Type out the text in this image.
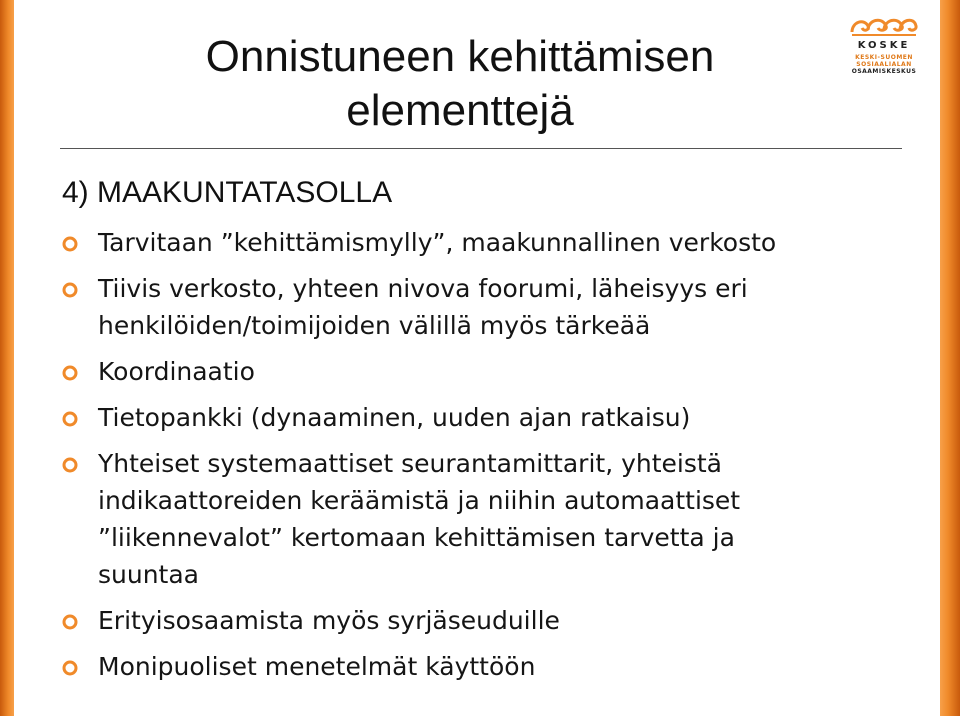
KOSKE
KESKI-SUOMEN
SOSIAALIALAN
OSAAMISKESKUS
Onnistuneen kehittämisen
elementtejä
4) MAAKUNTATASOLLA
Tarvitaan ”kehittämismylly”, maakunnallinen verkosto
Tiivis verkosto, yhteen nivova foorumi, läheisyys eri
henkilöiden/toimijoiden välillä myös tärkeää
Koordinaatio
Tietopankki (dynaaminen, uuden ajan ratkaisu)
Yhteiset systemaattiset seurantamittarit, yhteistä
indikaattoreiden keräämistä ja niihin automaattiset
”liikennevalot” kertomaan kehittämisen tarvetta ja
suuntaa
Erityisosaamista myös syrjäseuduille
Monipuoliset menetelmät käyttöön
